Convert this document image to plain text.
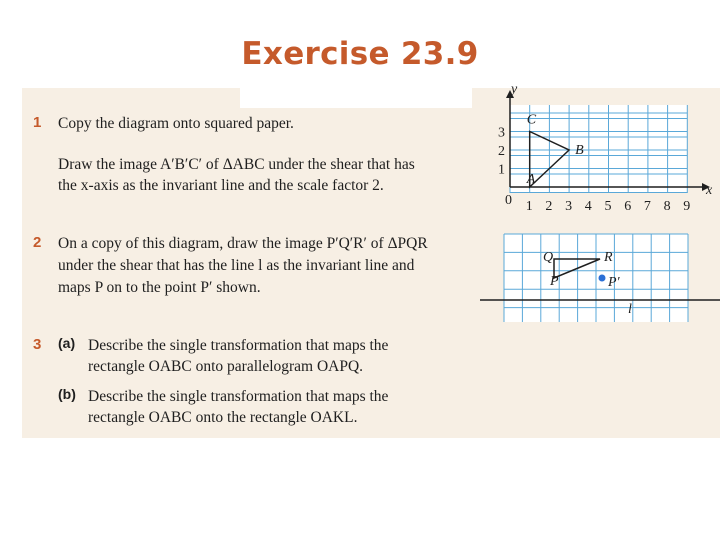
Exercise 23.9
1 Copy the diagram onto squared paper.
Draw the image A′B′C′ of ΔABC under the shear that has
the x-axis as the invariant line and the scale factor 2.
2 On a copy of this diagram, draw the image P′Q′R′ of ΔPQR
under the shear that has the line l as the invariant line and
maps P on to the point P′ shown.
3 (a) Describe the single transformation that maps the
rectangle OABC onto parallelogram OAPQ.
(b) Describe the single transformation that maps the
rectangle OABC onto the rectangle OAKL.
y
x
0 1 2 3 4 5 6 7 8 9
1
2
3
A
B
C
Q
P
R
P′
l
